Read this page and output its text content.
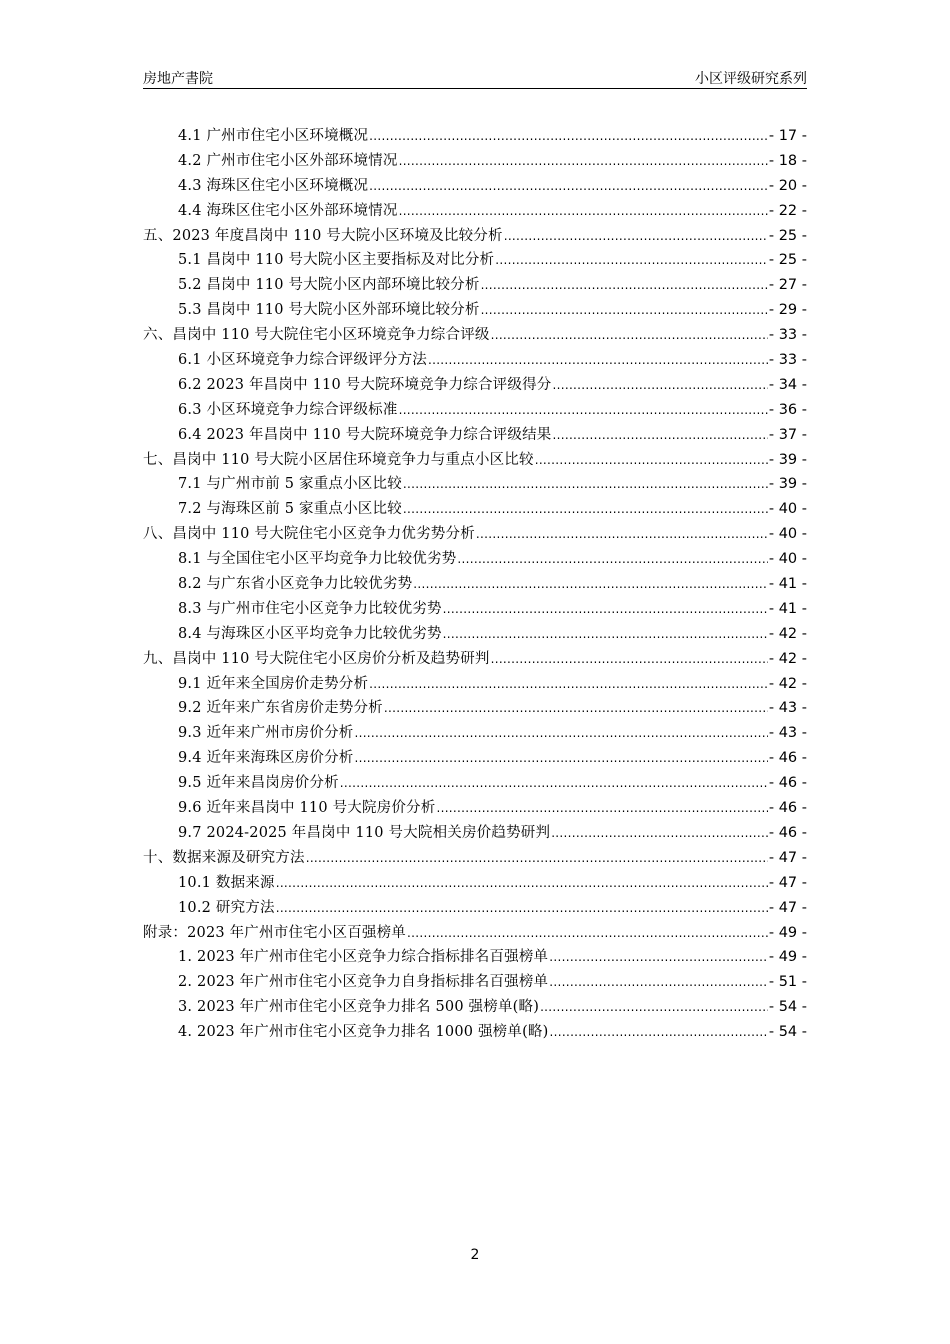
房地产書院	小区评级研究系列
4.1 广州市住宅小区环境概况 .....	- 17 -
4.2 广州市住宅小区外部环境情况 .....	- 18 -
4.3 海珠区住宅小区环境概况 .....	- 20 -
4.4 海珠区住宅小区外部环境情况 .....	- 22 -
五、2023 年度昌岗中 110 号大院小区环境及比较分析 .....	- 25 -
5.1 昌岗中 110 号大院小区主要指标及对比分析 .....	- 25 -
5.2 昌岗中 110 号大院小区内部环境比较分析 .....	- 27 -
5.3 昌岗中 110 号大院小区外部环境比较分析 .....	- 29 -
六、昌岗中 110 号大院住宅小区环境竞争力综合评级 .....	- 33 -
6.1 小区环境竞争力综合评级评分方法 .....	- 33 -
6.2 2023 年昌岗中 110 号大院环境竞争力综合评级得分 .....	- 34 -
6.3 小区环境竞争力综合评级标准 .....	- 36 -
6.4 2023 年昌岗中 110 号大院环境竞争力综合评级结果 .....	- 37 -
七、昌岗中 110 号大院小区居住环境竞争力与重点小区比较 .....	- 39 -
7.1 与广州市前 5 家重点小区比较 .....	- 39 -
7.2 与海珠区前 5 家重点小区比较 .....	- 40 -
八、昌岗中 110 号大院住宅小区竞争力优劣势分析 .....	- 40 -
8.1 与全国住宅小区平均竞争力比较优劣势 .....	- 40 -
8.2 与广东省小区竞争力比较优劣势 .....	- 41 -
8.3 与广州市住宅小区竞争力比较优劣势 .....	- 41 -
8.4 与海珠区小区平均竞争力比较优劣势 .....	- 42 -
九、昌岗中 110 号大院住宅小区房价分析及趋势研判 .....	- 42 -
9.1 近年来全国房价走势分析 .....	- 42 -
9.2 近年来广东省房价走势分析 .....	- 43 -
9.3 近年来广州市房价分析 .....	- 43 -
9.4 近年来海珠区房价分析 .....	- 46 -
9.5 近年来昌岗房价分析 .....	- 46 -
9.6 近年来昌岗中 110 号大院房价分析 .....	- 46 -
9.7 2024-2025 年昌岗中 110 号大院相关房价趋势研判 .....	- 46 -
十、数据来源及研究方法 .....	- 47 -
10.1 数据来源 .....	- 47 -
10.2 研究方法 .....	- 47 -
附录：2023 年广州市住宅小区百强榜单 .....	- 49 -
1. 2023 年广州市住宅小区竞争力综合指标排名百强榜单 .....	- 49 -
2. 2023 年广州市住宅小区竞争力自身指标排名百强榜单 .....	- 51 -
3. 2023 年广州市住宅小区竞争力排名 500 强榜单(略) .....	- 54 -
4. 2023 年广州市住宅小区竞争力排名 1000 强榜单(略) .....	- 54 -
2
